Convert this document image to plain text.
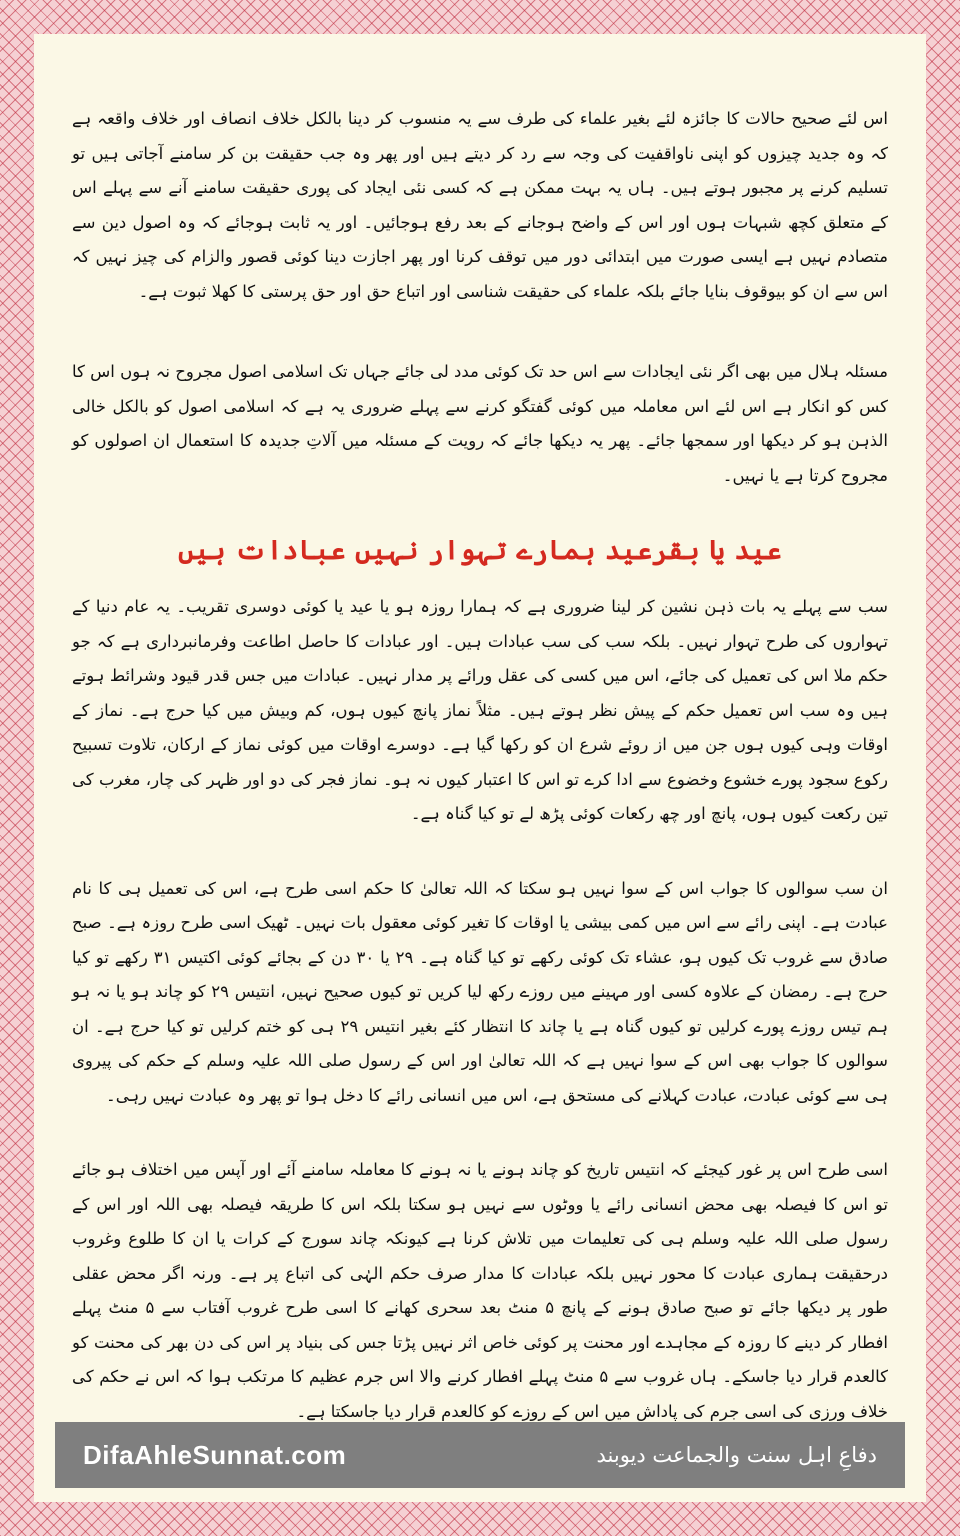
اس لئے صحیح حالات کا جائزہ لئے بغیر علماء کی طرف سے یہ منسوب کر دینا بالکل خلاف انصاف اور خلاف واقعہ ہے کہ وہ جدید چیزوں کو اپنی ناواقفیت کی وجہ سے رد کر دیتے ہیں اور پھر وہ جب حقیقت بن کر سامنے آجاتی ہیں تو تسلیم کرنے پر مجبور ہوتے ہیں۔ ہاں یہ بہت ممکن ہے کہ کسی نئی ایجاد کی پوری حقیقت سامنے آنے سے پہلے اس کے متعلق کچھ شبہات ہوں اور اس کے واضح ہوجانے کے بعد رفع ہوجائیں۔ اور یہ ثابت ہوجائے کہ وہ اصول دین سے متصادم نہیں ہے ایسی صورت میں ابتدائی دور میں توقف کرنا اور پھر اجازت دینا کوئی قصور والزام کی چیز نہیں کہ اس سے ان کو بیوقوف بنایا جائے بلکہ علماء کی حقیقت شناسی اور اتباع حق اور حق پرستی کا کھلا ثبوت ہے۔

مسئلہ ہلال میں بھی اگر نئی ایجادات سے اس حد تک کوئی مدد لی جائے جہاں تک اسلامی اصول مجروح نہ ہوں اس کا کس کو انکار ہے اس لئے اس معاملہ میں کوئی گفتگو کرنے سے پہلے ضروری یہ ہے کہ اسلامی اصول کو بالکل خالی الذہن ہو کر دیکھا اور سمجھا جائے۔ پھر یہ دیکھا جائے کہ رویت کے مسئلہ میں آلاتِ جدیدہ کا استعمال ان اصولوں کو مجروح کرتا ہے یا نہیں۔

عید یا بقرعید ہمارے تہوار نہیں عبادات ہیں

سب سے پہلے یہ بات ذہن نشین کر لینا ضروری ہے کہ ہمارا روزہ ہو یا عید یا کوئی دوسری تقریب۔ یہ عام دنیا کے تہواروں کی طرح تہوار نہیں۔ بلکہ سب کی سب عبادات ہیں۔ اور عبادات کا حاصل اطاعت وفرمانبرداری ہے کہ جو حکم ملا اس کی تعمیل کی جائے، اس میں کسی کی عقل ورائے پر مدار نہیں۔ عبادات میں جس قدر قیود وشرائط ہوتے ہیں وہ سب اس تعمیل حکم کے پیش نظر ہوتے ہیں۔ مثلاً نماز پانچ کیوں ہوں، کم وبیش میں کیا حرج ہے۔ نماز کے اوقات وہی کیوں ہوں جن میں از روئے شرع ان کو رکھا گیا ہے۔ دوسرے اوقات میں کوئی نماز کے ارکان، تلاوت تسبیح رکوع سجود پورے خشوع وخضوع سے ادا کرے تو اس کا اعتبار کیوں نہ ہو۔ نماز فجر کی دو اور ظہر کی چار، مغرب کی تین رکعت کیوں ہوں، پانچ اور چھ رکعات کوئی پڑھ لے تو کیا گناہ ہے۔

ان سب سوالوں کا جواب اس کے سوا نہیں ہو سکتا کہ اللہ تعالیٰ کا حکم اسی طرح ہے، اس کی تعمیل ہی کا نام عبادت ہے۔ اپنی رائے سے اس میں کمی بیشی یا اوقات کا تغیر کوئی معقول بات نہیں۔ ٹھیک اسی طرح روزہ ہے۔ صبح صادق سے غروب تک کیوں ہو، عشاء تک کوئی رکھے تو کیا گناہ ہے۔ ۲۹ یا ۳۰ دن کے بجائے کوئی اکتیس ۳۱ رکھے تو کیا حرج ہے۔ رمضان کے علاوہ کسی اور مہینے میں روزے رکھ لیا کریں تو کیوں صحیح نہیں، انتیس ۲۹ کو چاند ہو یا نہ ہو ہم تیس روزے پورے کرلیں تو کیوں گناہ ہے یا چاند کا انتظار کئے بغیر انتیس ۲۹ ہی کو ختم کرلیں تو کیا حرج ہے۔ ان سوالوں کا جواب بھی اس کے سوا نہیں ہے کہ اللہ تعالیٰ اور اس کے رسول صلی اللہ علیہ وسلم کے حکم کی پیروی ہی سے کوئی عبادت، عبادت کہلانے کی مستحق ہے، اس میں انسانی رائے کا دخل ہوا تو پھر وہ عبادت نہیں رہی۔

اسی طرح اس پر غور کیجئے کہ انتیس تاریخ کو چاند ہونے یا نہ ہونے کا معاملہ سامنے آئے اور آپس میں اختلاف ہو جائے تو اس کا فیصلہ بھی محض انسانی رائے یا ووٹوں سے نہیں ہو سکتا بلکہ اس کا طریقہ فیصلہ بھی اللہ اور اس کے رسول صلی اللہ علیہ وسلم ہی کی تعلیمات میں تلاش کرنا ہے کیونکہ چاند سورج کے کرات یا ان کا طلوع وغروب درحقیقت ہماری عبادت کا محور نہیں بلکہ عبادات کا مدار صرف حکم الہٰی کی اتباع پر ہے۔ ورنہ اگر محض عقلی طور پر دیکھا جائے تو صبح صادق ہونے کے پانچ ۵ منٹ بعد سحری کھانے کا اسی طرح غروب آفتاب سے ۵ منٹ پہلے افطار کر دینے کا روزہ کے مجاہدے اور محنت پر کوئی خاص اثر نہیں پڑتا جس کی بنیاد پر اس کی دن بھر کی محنت کو کالعدم قرار دیا جاسکے۔ ہاں غروب سے ۵ منٹ پہلے افطار کرنے والا اس جرم عظیم کا مرتکب ہوا کہ اس نے حکم کی خلاف ورزی کی اسی جرم کی پاداش میں اس کے روزے کو کالعدم قرار دیا جاسکتا ہے۔

DifaAhleSunnat.com	دفاعِ اہل سنت والجماعت دیوبند
